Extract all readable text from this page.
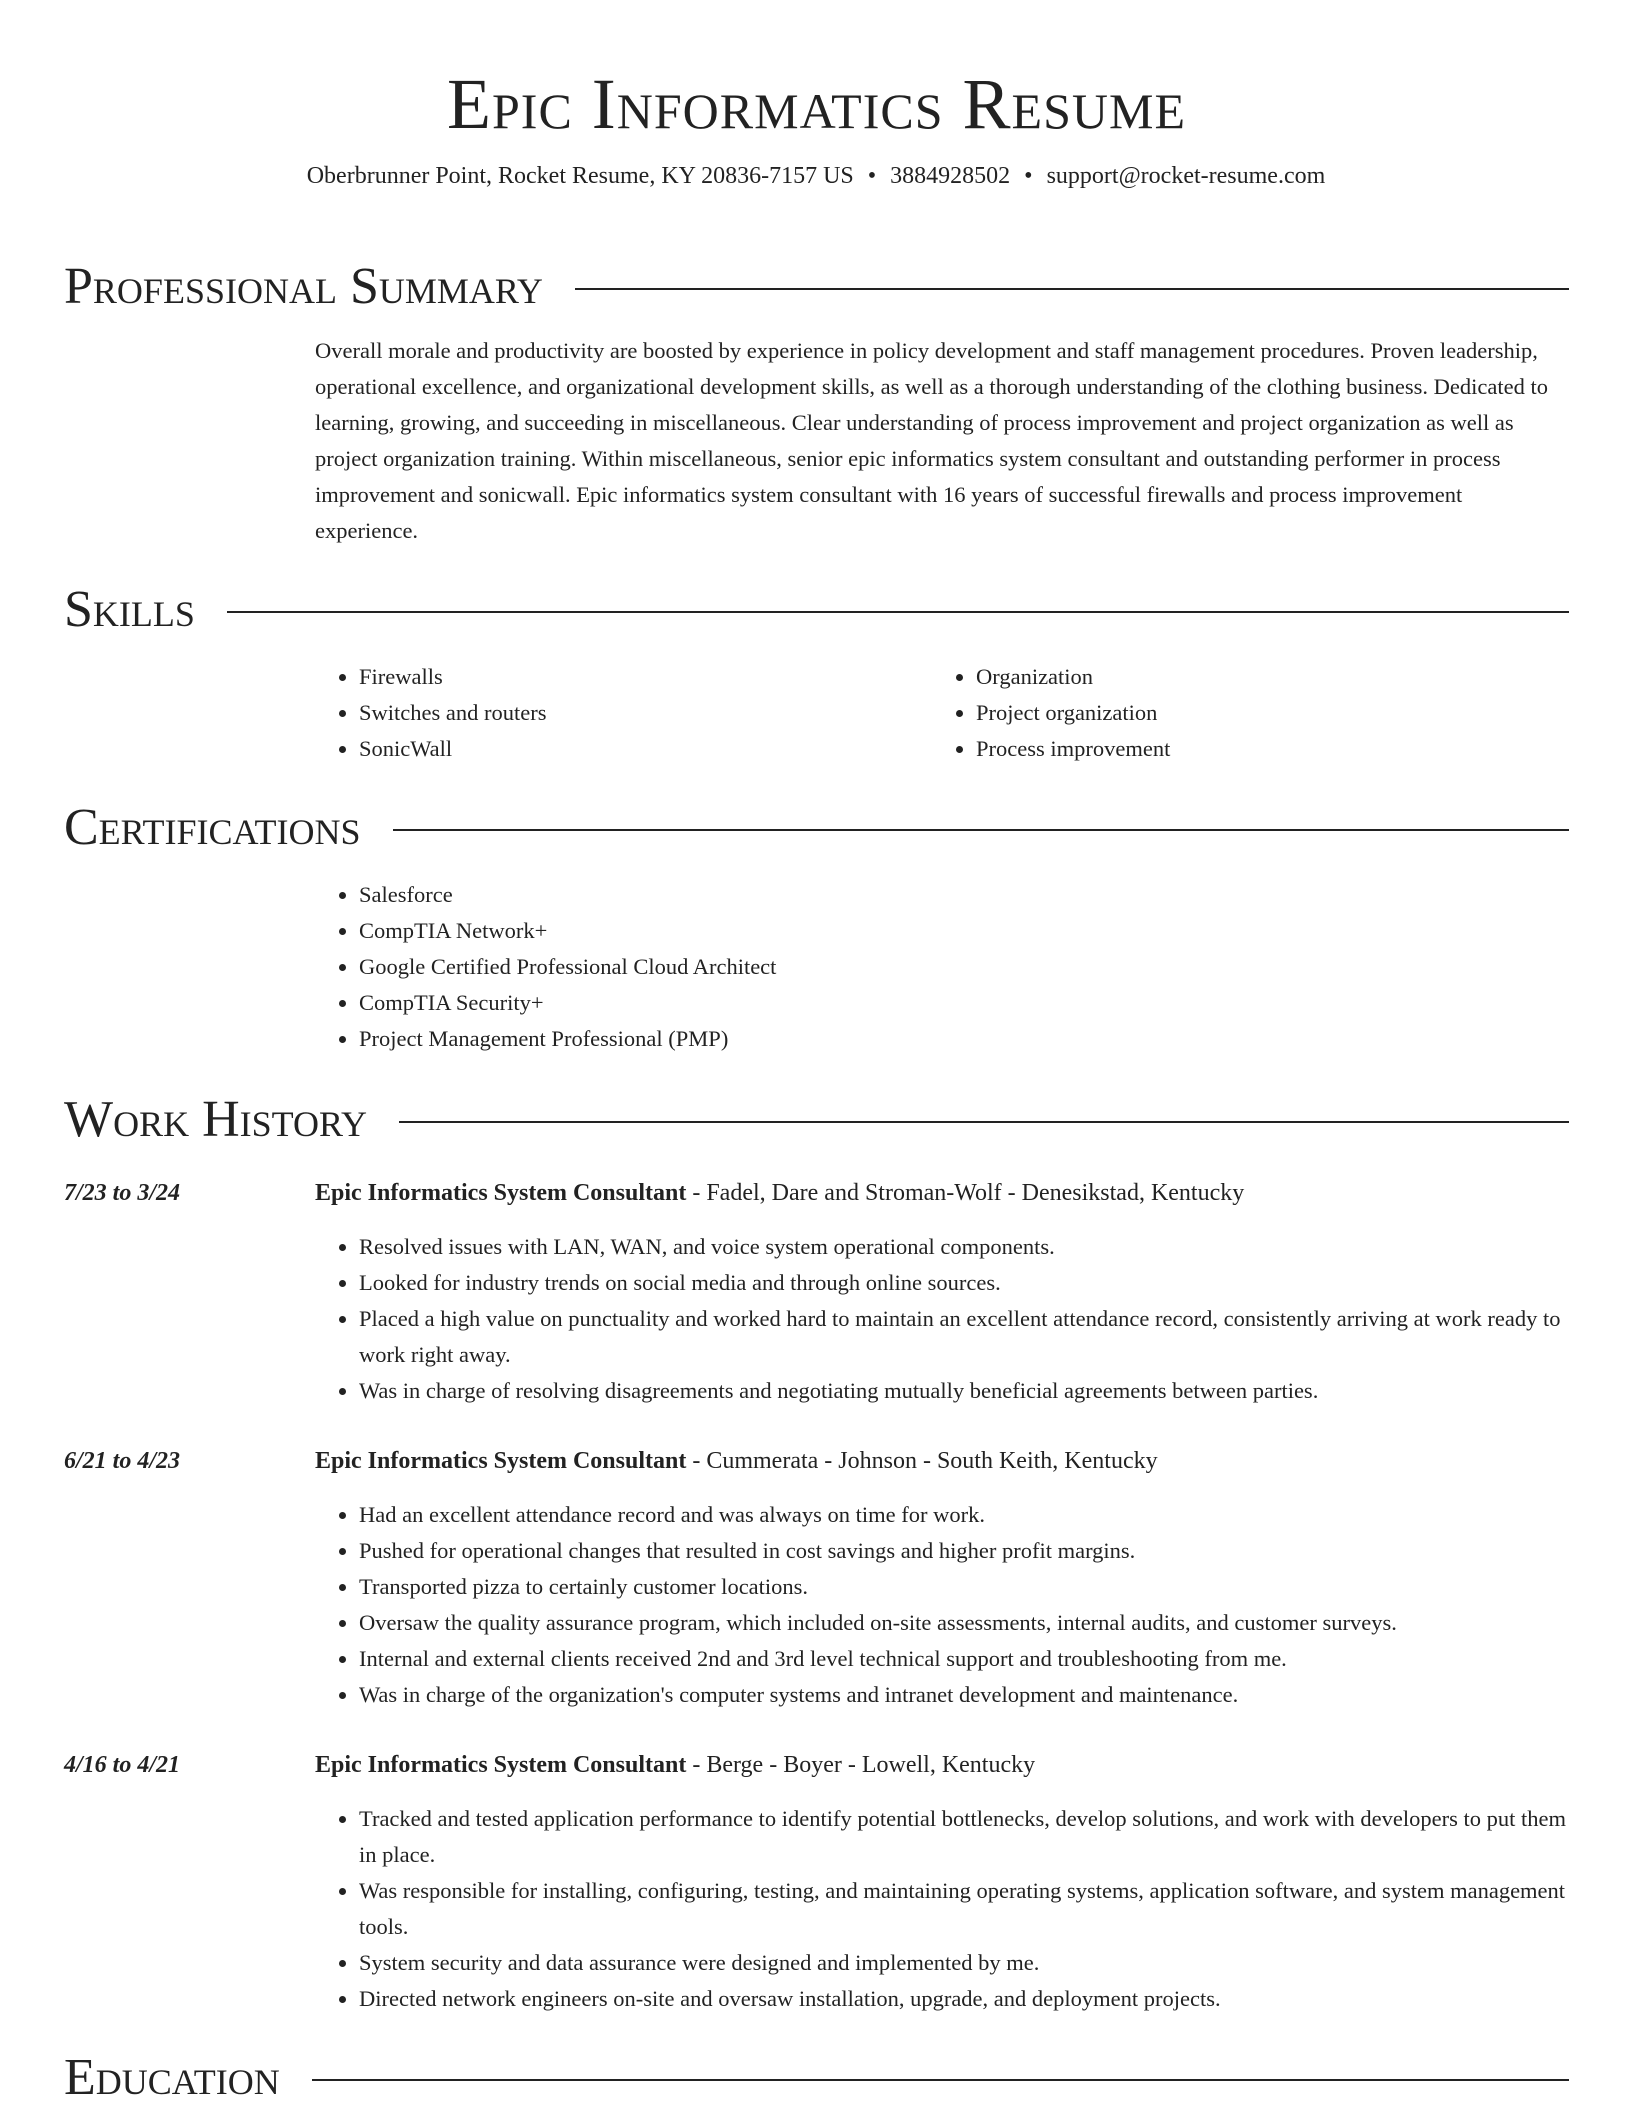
Epic Informatics Resume
Oberbrunner Point, Rocket Resume, KY 20836-7157 US • 3884928502 • support@rocket-resume.com
Professional Summary
Overall morale and productivity are boosted by experience in policy development and staff management procedures. Proven leadership, operational excellence, and organizational development skills, as well as a thorough understanding of the clothing business. Dedicated to learning, growing, and succeeding in miscellaneous. Clear understanding of process improvement and project organization as well as project organization training. Within miscellaneous, senior epic informatics system consultant and outstanding performer in process improvement and sonicwall. Epic informatics system consultant with 16 years of successful firewalls and process improvement experience.
Skills
• Firewalls
• Switches and routers
• SonicWall
• Organization
• Project organization
• Process improvement
Certifications
• Salesforce
• CompTIA Network+
• Google Certified Professional Cloud Architect
• CompTIA Security+
• Project Management Professional (PMP)
Work History
7/23 to 3/24	Epic Informatics System Consultant - Fadel, Dare and Stroman-Wolf - Denesikstad, Kentucky
• Resolved issues with LAN, WAN, and voice system operational components.
• Looked for industry trends on social media and through online sources.
• Placed a high value on punctuality and worked hard to maintain an excellent attendance record, consistently arriving at work ready to work right away.
• Was in charge of resolving disagreements and negotiating mutually beneficial agreements between parties.
6/21 to 4/23	Epic Informatics System Consultant - Cummerata - Johnson - South Keith, Kentucky
• Had an excellent attendance record and was always on time for work.
• Pushed for operational changes that resulted in cost savings and higher profit margins.
• Transported pizza to certainly customer locations.
• Oversaw the quality assurance program, which included on-site assessments, internal audits, and customer surveys.
• Internal and external clients received 2nd and 3rd level technical support and troubleshooting from me.
• Was in charge of the organization's computer systems and intranet development and maintenance.
4/16 to 4/21	Epic Informatics System Consultant - Berge - Boyer - Lowell, Kentucky
• Tracked and tested application performance to identify potential bottlenecks, develop solutions, and work with developers to put them in place.
• Was responsible for installing, configuring, testing, and maintaining operating systems, application software, and system management tools.
• System security and data assurance were designed and implemented by me.
• Directed network engineers on-site and oversaw installation, upgrade, and deployment projects.
Education
